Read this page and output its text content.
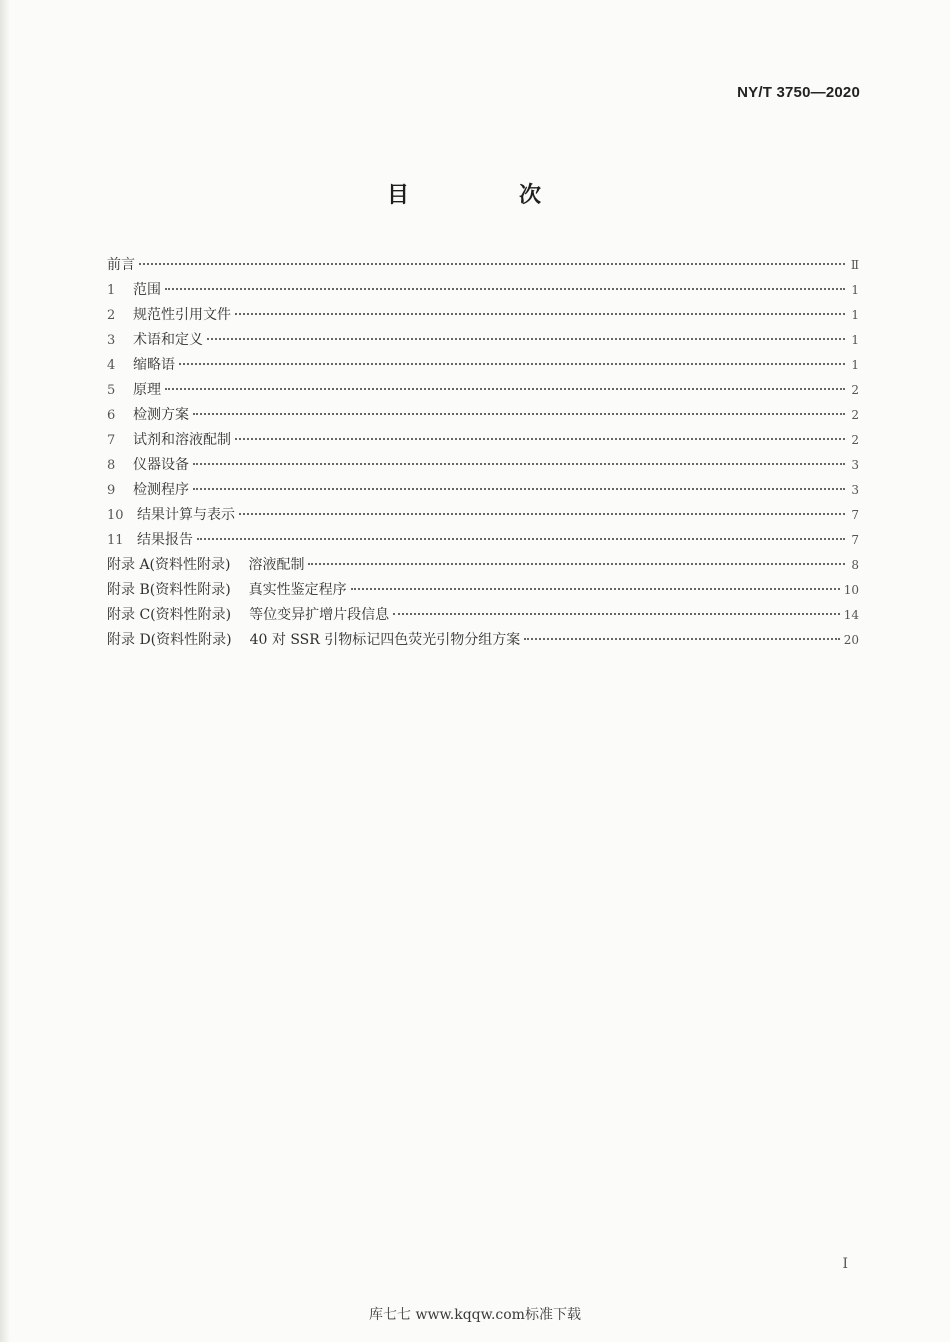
NY/T 3750—2020
目　次
前言	Ⅱ
1	范围	1
2	规范性引用文件	1
3	术语和定义	1
4	缩略语	1
5	原理	2
6	检测方案	2
7	试剂和溶液配制	2
8	仪器设备	3
9	检测程序	3
10 结果计算与表示	7
11 结果报告	7
附录 A(资料性附录) 溶液配制	8
附录 B(资料性附录) 真实性鉴定程序	10
附录 C(资料性附录) 等位变异扩增片段信息	14
附录 D(资料性附录) 40 对 SSR 引物标记四色荧光引物分组方案	20
I
库七七 www.kqqw.com标准下载
